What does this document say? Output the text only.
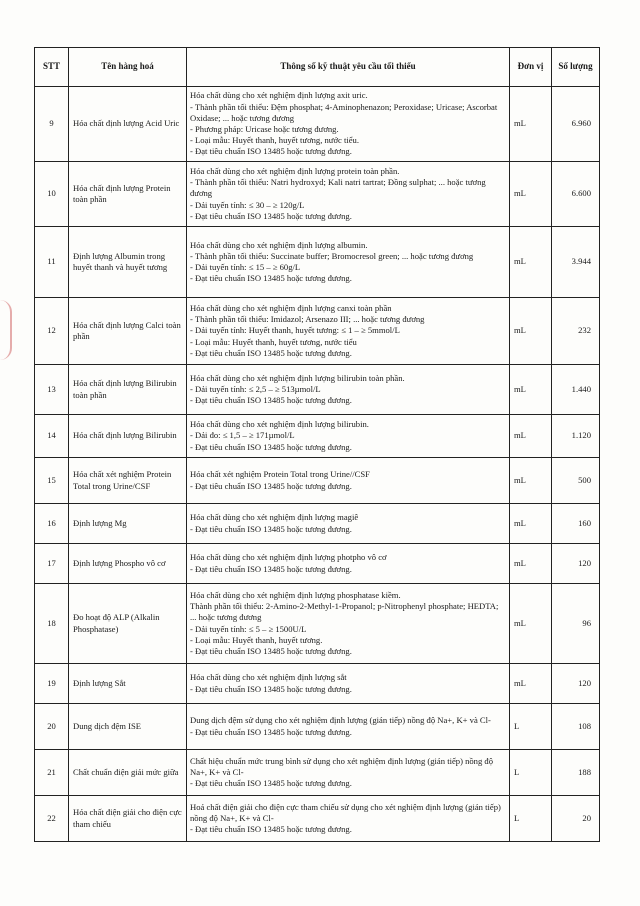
STT	Tên hàng hoá	Thông số kỹ thuật yêu cầu tối thiểu	Đơn vị	Số lượng
9	Hóa chất định lượng Acid Uric	Hóa chất dùng cho xét nghiệm định lượng axit uric.
- Thành phần tối thiểu: Đệm phosphat; 4-Aminophenazon; Peroxidase; Uricase; Ascorbat Oxidase; ... hoặc tương đương
- Phương pháp: Uricase hoặc tương đương.
- Loại mẫu: Huyết thanh, huyết tương, nước tiểu.
- Đạt tiêu chuẩn ISO 13485 hoặc tương đương.	mL	6.960
10	Hóa chất định lượng Protein toàn phần	Hóa chất dùng cho xét nghiệm định lượng protein toàn phần.
- Thành phần tối thiểu: Natri hydroxyd; Kali natri tartrat; Đồng sulphat; ... hoặc tương đương
- Dải tuyến tính: ≤ 30 – ≥ 120g/L
- Đạt tiêu chuẩn ISO 13485 hoặc tương đương.	mL	6.600
11	Định lượng Albumin trong huyết thanh và huyết tương	Hóa chất dùng cho xét nghiệm định lượng albumin.
- Thành phần tối thiểu: Succinate buffer; Bromocresol green; ... hoặc tương đương
- Dải tuyến tính: ≤ 15 – ≥ 60g/L
- Đạt tiêu chuẩn ISO 13485 hoặc tương đương.	mL	3.944
12	Hóa chất định lượng Calci toàn phần	Hóa chất dùng cho xét nghiệm định lượng canxi toàn phần
- Thành phần tối thiểu: Imidazol; Arsenazo III; ... hoặc tương đương
- Dải tuyến tính: Huyết thanh, huyết tương: ≤ 1 – ≥ 5mmol/L
- Loại mẫu: Huyết thanh, huyết tương, nước tiểu
- Đạt tiêu chuẩn ISO 13485 hoặc tương đương.	mL	232
13	Hóa chất định lượng Bilirubin toàn phần	Hóa chất dùng cho xét nghiệm định lượng bilirubin toàn phần.
- Dải tuyến tính: ≤ 2,5 – ≥ 513µmol/L
- Đạt tiêu chuẩn ISO 13485 hoặc tương đương.	mL	1.440
14	Hóa chất định lượng Bilirubin	Hóa chất dùng cho xét nghiệm định lượng bilirubin.
- Dải đo: ≤ 1,5 – ≥ 171µmol/L
- Đạt tiêu chuẩn ISO 13485 hoặc tương đương.	mL	1.120
15	Hóa chất xét nghiệm Protein Total trong Urine/CSF	Hóa chất xét nghiệm Protein Total trong Urine//CSF
- Đạt tiêu chuẩn ISO 13485 hoặc tương đương.	mL	500
16	Định lượng Mg	Hóa chất dùng cho xét nghiệm định lượng magiê
- Đạt tiêu chuẩn ISO 13485 hoặc tương đương.	mL	160
17	Định lượng Phospho vô cơ	Hóa chất dùng cho xét nghiệm định lượng photpho vô cơ
- Đạt tiêu chuẩn ISO 13485 hoặc tương đương.	mL	120
18	Đo hoạt độ ALP (Alkalin Phosphatase)	Hóa chất dùng cho xét nghiệm định lượng phosphatase kiềm.
Thành phần tối thiểu: 2-Amino-2-Methyl-1-Propanol; p-Nitrophenyl phosphate; HEDTA; ... hoặc tương đương
- Dải tuyến tính: ≤ 5 – ≥ 1500U/L
- Loại mẫu: Huyết thanh, huyết tương.
- Đạt tiêu chuẩn ISO 13485 hoặc tương đương.	mL	96
19	Định lượng Sắt	Hóa chất dùng cho xét nghiệm định lượng sắt
- Đạt tiêu chuẩn ISO 13485 hoặc tương đương.	mL	120
20	Dung dịch đệm ISE	Dung dịch đệm sử dụng cho xét nghiệm định lượng (gián tiếp) nồng độ Na+, K+ và Cl-
- Đạt tiêu chuẩn ISO 13485 hoặc tương đương.	L	108
21	Chất chuẩn điện giải mức giữa	Chất hiệu chuẩn mức trung bình sử dụng cho xét nghiệm định lượng (gián tiếp) nồng độ Na+, K+ và Cl-
- Đạt tiêu chuẩn ISO 13485 hoặc tương đương.	L	188
22	Hóa chất điện giải cho điện cực tham chiếu	Hoá chất điện giải cho điện cực tham chiếu sử dụng cho xét nghiệm định lượng (gián tiếp) nồng độ Na+, K+ và Cl-
- Đạt tiêu chuẩn ISO 13485 hoặc tương đương.	L	20
